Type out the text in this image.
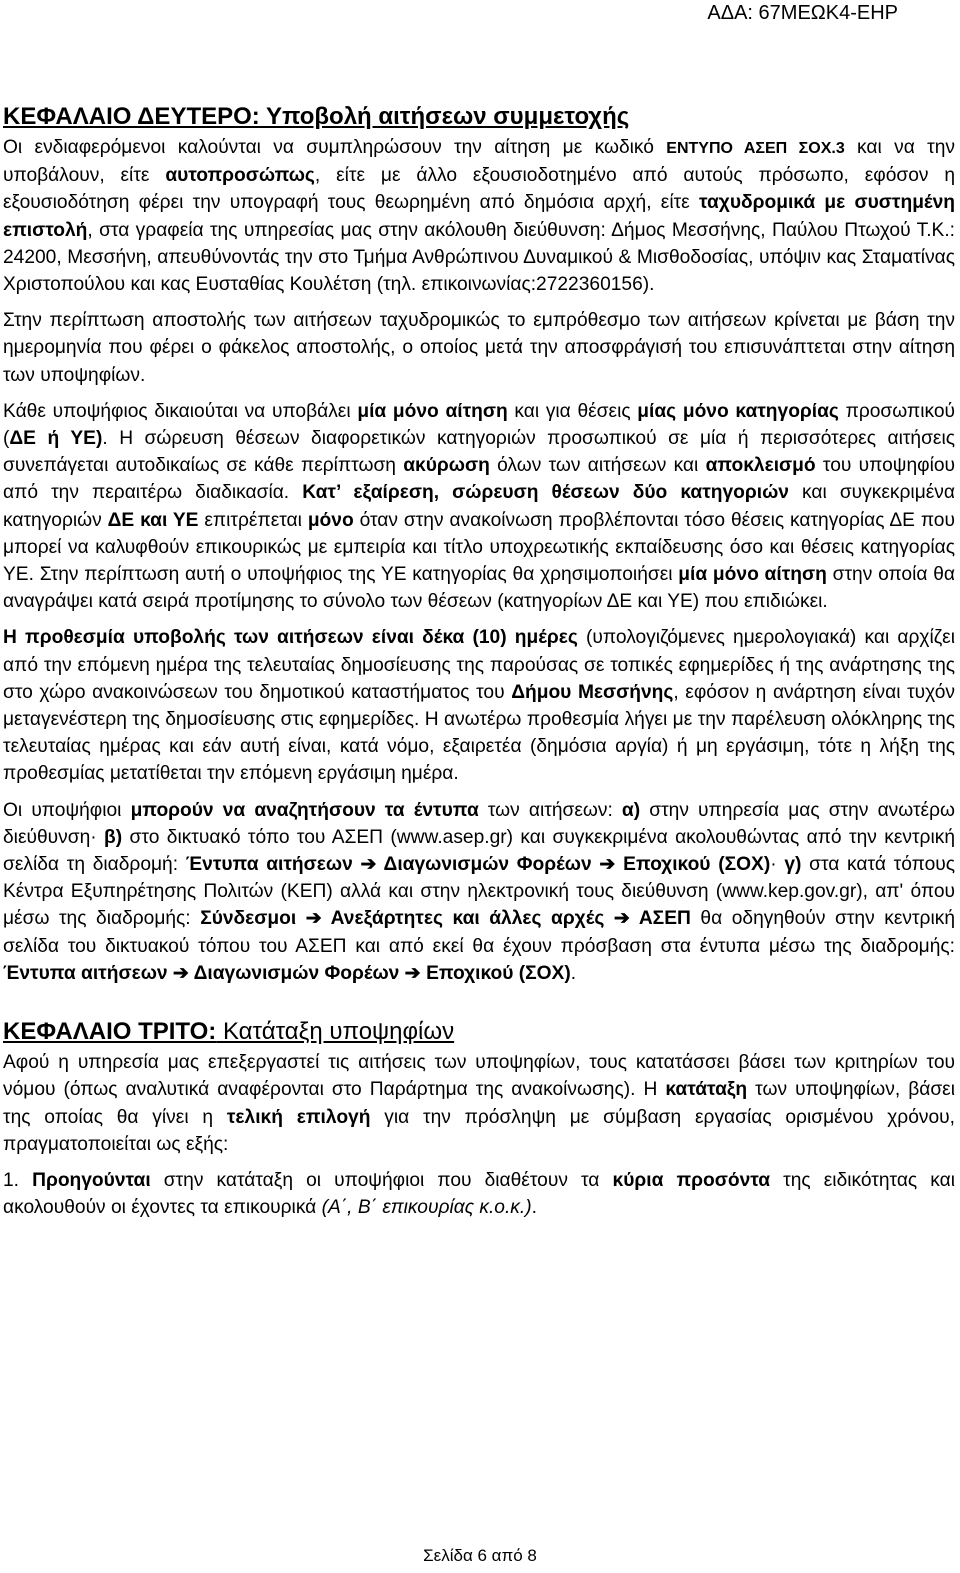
ΑΔΑ: 67ΜΕΩΚ4-ΕΗΡ
ΚΕΦΑΛΑΙΟ ΔΕΥΤΕΡΟ: Υποβολή αιτήσεων συμμετοχής

Οι ενδιαφερόμενοι καλούνται να συμπληρώσουν την αίτηση με κωδικό ΕΝΤΥΠΟ ΑΣΕΠ ΣΟΧ.3 και να την υποβάλουν, είτε αυτοπροσώπως, είτε με άλλο εξουσιοδοτημένο από αυτούς πρόσωπο, εφόσον η εξουσιοδότηση φέρει την υπογραφή τους θεωρημένη από δημόσια αρχή, είτε ταχυδρομικά με συστημένη επιστολή, στα γραφεία της υπηρεσίας μας στην ακόλουθη διεύθυνση: Δήμος Μεσσήνης, Παύλου Πτωχού Τ.Κ.: 24200, Μεσσήνη, απευθύνοντάς την στο Τμήμα Ανθρώπινου Δυναμικού & Μισθοδοσίας, υπόψιν κας Σταματίνας Χριστοπούλου και κας Ευσταθίας Κουλέτση (τηλ. επικοινωνίας:2722360156).

Στην περίπτωση αποστολής των αιτήσεων ταχυδρομικώς το εμπρόθεσμο των αιτήσεων κρίνεται με βάση την ημερομηνία που φέρει ο φάκελος αποστολής, ο οποίος μετά την αποσφράγισή του επισυνάπτεται στην αίτηση των υποψηφίων.

Κάθε υποψήφιος δικαιούται να υποβάλει μία μόνο αίτηση και για θέσεις μίας μόνο κατηγορίας προσωπικού (ΔΕ ή ΥΕ). Η σώρευση θέσεων διαφορετικών κατηγοριών προσωπικού σε μία ή περισσότερες αιτήσεις συνεπάγεται αυτοδικαίως σε κάθε περίπτωση ακύρωση όλων των αιτήσεων και αποκλεισμό του υποψηφίου από την περαιτέρω διαδικασία. Κατ’ εξαίρεση, σώρευση θέσεων δύο κατηγοριών και συγκεκριμένα κατηγοριών ΔΕ και ΥΕ επιτρέπεται μόνο όταν στην ανακοίνωση προβλέπονται τόσο θέσεις κατηγορίας ΔΕ που μπορεί να καλυφθούν επικουρικώς με εμπειρία και τίτλο υποχρεωτικής εκπαίδευσης όσο και θέσεις κατηγορίας ΥΕ. Στην περίπτωση αυτή ο υποψήφιος της ΥΕ κατηγορίας θα χρησιμοποιήσει μία μόνο αίτηση στην οποία θα αναγράψει κατά σειρά προτίμησης το σύνολο των θέσεων (κατηγορίων ΔΕ και ΥΕ) που επιδιώκει.

Η προθεσμία υποβολής των αιτήσεων είναι δέκα (10) ημέρες (υπολογιζόμενες ημερολογιακά) και αρχίζει από την επόμενη ημέρα της τελευταίας δημοσίευσης της παρούσας σε τοπικές εφημερίδες ή της ανάρτησης της στο χώρο ανακοινώσεων του δημοτικού καταστήματος του Δήμου Μεσσήνης, εφόσον η ανάρτηση είναι τυχόν μεταγενέστερη της δημοσίευσης στις εφημερίδες. Η ανωτέρω προθεσμία λήγει με την παρέλευση ολόκληρης της τελευταίας ημέρας και εάν αυτή είναι, κατά νόμο, εξαιρετέα (δημόσια αργία) ή μη εργάσιμη, τότε η λήξη της προθεσμίας μετατίθεται την επόμενη εργάσιμη ημέρα.

Οι υποψήφιοι μπορούν να αναζητήσουν τα έντυπα των αιτήσεων: α) στην υπηρεσία μας στην ανωτέρω διεύθυνση· β) στο δικτυακό τόπο του ΑΣΕΠ (www.asep.gr) και συγκεκριμένα ακολουθώντας από την κεντρική σελίδα τη διαδρομή: Έντυπα αιτήσεων ➔ Διαγωνισμών Φορέων ➔ Εποχικού (ΣΟΧ)· γ) στα κατά τόπους Κέντρα Εξυπηρέτησης Πολιτών (ΚΕΠ) αλλά και στην ηλεκτρονική τους διεύθυνση (www.kep.gov.gr), απ' όπου μέσω της διαδρομής: Σύνδεσμοι ➔ Ανεξάρτητες και άλλες αρχές ➔ ΑΣΕΠ θα οδηγηθούν στην κεντρική σελίδα του δικτυακού τόπου του ΑΣΕΠ και από εκεί θα έχουν πρόσβαση στα έντυπα μέσω της διαδρομής: Έντυπα αιτήσεων ➔ Διαγωνισμών Φορέων ➔ Εποχικού (ΣΟΧ).

ΚΕΦΑΛΑΙΟ ΤΡΙΤΟ: Κατάταξη υποψηφίων

Αφού η υπηρεσία μας επεξεργαστεί τις αιτήσεις των υποψηφίων, τους κατατάσσει βάσει των κριτηρίων του νόμου (όπως αναλυτικά αναφέρονται στο Παράρτημα της ανακοίνωσης). Η κατάταξη των υποψηφίων, βάσει της οποίας θα γίνει η τελική επιλογή για την πρόσληψη με σύμβαση εργασίας ορισμένου χρόνου, πραγματοποιείται ως εξής:

1. Προηγούνται στην κατάταξη οι υποψήφιοι που διαθέτουν τα κύρια προσόντα της ειδικότητας και ακολουθούν οι έχοντες τα επικουρικά (Α΄, Β΄ επικουρίας κ.ο.κ.).

Σελίδα 6 από 8
